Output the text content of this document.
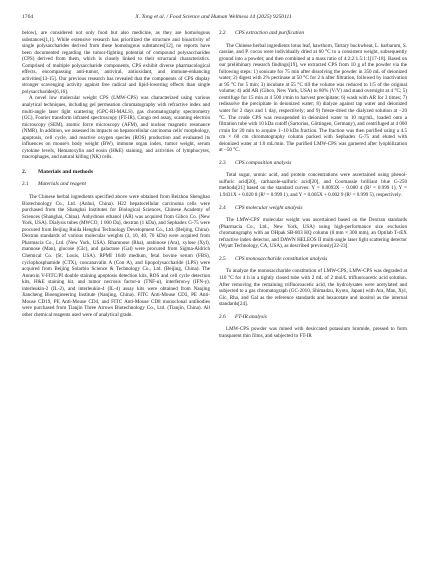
1764	X. Tong et al. / Food Science and Human Wellness 14 (2025) 9250111

below), are considered not only food but also medicine, as they are homologous substances[1,1]. While extensive research has prioritized the structure and bioactivity of single polysaccharides derived from these homologous substances[12], no reports have been documented regarding the tumor-fighting potential of compound polysaccharides (CPS) derived from them, which is closely linked to their structural characteristics. Comprised of multiple polysaccharide components, CPS exhibit diverse pharmacological effects, encompassing anti-tumor, antiviral, antioxidant, and immune-enhancing activities[13-15]. Our previous research has revealed that the components of CPS display stronger scavenging activity against free radical and lipid-lowering effects than single polysaccharides[6,16].

A novel low molecular weight CPS (LMW-CPS) was characterized using various analytical techniques, including gel permeation chromatography with refractive index and multi-angle laser light scattering (GPC-RI-MALS), gas chromatography spectrometry (GC), Fourier transform infrared spectroscopy (FT-IR), Congo red assay, scanning electron microscopy (SEM), atomic force microscopy (AFM), and nuclear magnetic resonance (NMR). In addition, we assessed its impacts on hepatocellular carcinoma cells' morphology, apoptosis, cell cycle, and reactive oxygen species (ROS) production and evaluated its influences on mouse's body weight (BW), immune organ index, tumor weight, serum cytokine levels, Hematoxylin and eosin (H&E) staining, and activities of lymphocytes, macrophages, and natural killing (NK) cells.

2. Materials and methods
2.1 Materials and reagent

The Chinese herbal ingredients specified above were obtained from Beizhou Shenghao Biotechnology Co., Ltd. (Anhui, China). H22 hepatocellular carcinoma cells were purchased from the Shanghai Institutes for Biological Sciences, Chinese Academy of Sciences (Shanghai, China). Anhydrous ethanol (AR) was acquired from Gibco Co. (New York, USA). Dialysis tubes (MWCO, 1 000 Da), dextran (1 kDa), and Sephadex G-75 were procured from Beijing Ruida Henghui Technology Development Co., Ltd. (Beijing, China). Dextran standards of various molecular weights (3, 10, 40, 70 kDa) were acquired from Pharmacia Co., Ltd. (New York, USA). Rhamnose (Rha), arabinose (Ara), xylose (Xyl), mannose (Man), glucose (Glc), and galactose (Gal) were procured from Sigma-Aldrich Chemical Co. (St. Louis, USA). RPMI 1640 medium, fetal bovine serum (FBS), cyclophosphamide (CTX), concanavalin A (Con A), and lipopolysaccharide (LPS) were acquired from Beijing Solarbio Science & Technology Co., Ltd. (Beijing, China). The Annexin V-FITC/PI double staining apoptosis detection kits, ROS and cell cycle detection kits, H&E staining kit, and tumor necrosis factor-α (TNF-α), interferon-γ (IFN-γ), interleukin-2 (IL-2), and interleukin-4 (IL-4) assay kits were obtained from Nanjing Jiancheng Bioengineering Institute (Nanjing, China). FITC Anti-Mouse CD3, PE Anti-Mouse CD19, PE Anti-Mouse CD4, and FITC Anti-Mouse CD8 monoclonal antibodies were purchased from Tianjin Three Arrows Biotechnology Co., Ltd. (Tianjin, China). All other chemical reagents used were of analytical grade.

2.2 CPS extraction and purification

The Chinese herbal ingredients lotus leaf, hawthorn, Tartary buckwheat, L. barbarum, S. cassiae, and P. cocos were individually dried at 60 °C to a consistent weight, subsequently ground into a powder, and then combined at a mass ratio of 4:2:2:1.5:1:1[17-18]. Based on our preliminary research findings[19], we extracted CPS from 10 g of the powder via the following steps: 1) sonicate for 75 min after dissolving the powder in 350 mL of deionized water; 2) digest with 2% pectinase at 50 °C for 2 h after filtration, followed by inactivation at 95 °C for 5 min; 3) incubate at 55 °C till the volume was reduced to 1/5 of the original volume; 4) add AR (Gibco, New York, USA) to 80% (V/V) and stand overnight at 4 °C; 5) centrifuge for 15 min at 4 500 r/min to harvest precipitate; 6) wash with AR for 3 times; 7) redissolve the precipitate in deionized water; 8) dialyze against tap water and deionized water for 2 days and 1 day, respectively; and 9) freeze-dried the dialyzed solution at −20 °C. The crude CPS was resuspended in deionized water to 10 mg/mL, loaded onto a filtration tube with 10 kDa cutoff (Sartorius, Göttingen, Germany), and centrifuged at 4 000 r/min for 20 min to acquire 1−10 kDa fraction. The fraction was then purified using a 4.5 cm × 60 cm chromatography column packed with Sephadex G-75 and eluted with deionized water at 1.0 mL/min. The purified LMW-CPS was garnered after lyophilization at −50 °C.

2.3 CPS composition analysis

Total sugar, uronic acid, and protein concentrations were ascertained using phenol-sulfuric acid[20], carbazole-sulfuric acid[20], and Coomassie brilliant blue G-250 methods[21] based on the standard curves: Y = 0.0093X − 0.000 4 (R² = 0.999 1), Y = 1.9431X + 0.020 8 (R² = 0.999 1), and Y = 0.005X + 0.002 9 (R² = 0.999 5), respectively.

2.4 CPS molecular weight analysis

The LMW-CPS' molecular weight was ascertained based on the Dextran standards (Pharmacia Co., Ltd., New York, USA) using high-performance size exclusion chromatography with an OHpak SB-803 HQ column (8 mm × 300 mm), an Optilab T-rEX refractive index detector, and DAWN HELEOS II multi-angle laser light scattering detector (Wyatt Technology, CA, USA), as described previously[22-23].

2.5 CPS monosaccharide constitution analysis

To analyze the monosaccharide constitution of LMW-CPS, LMW-CPS was degraded at 110 °C for 4 h in a tightly closed tube with 2 mL of 2 mol/L trifluoroacetic acid solution. After removing the remaining trifluoroacetic acid, the hydrolysates were acetylated and subjected to a gas chromatograph (GC-2010, Shimadzu, Kyoto, Japan) with Ara, Man, Xyl, Glc, Rha, and Gal as the reference standards and hexacetate and inositol as the internal standards[24].

2.6 FT-IR analysis

LMW-CPS powder was mined with desiccated potassium bromide, pressed to form transparent thin films, and subjected to FT-IR
